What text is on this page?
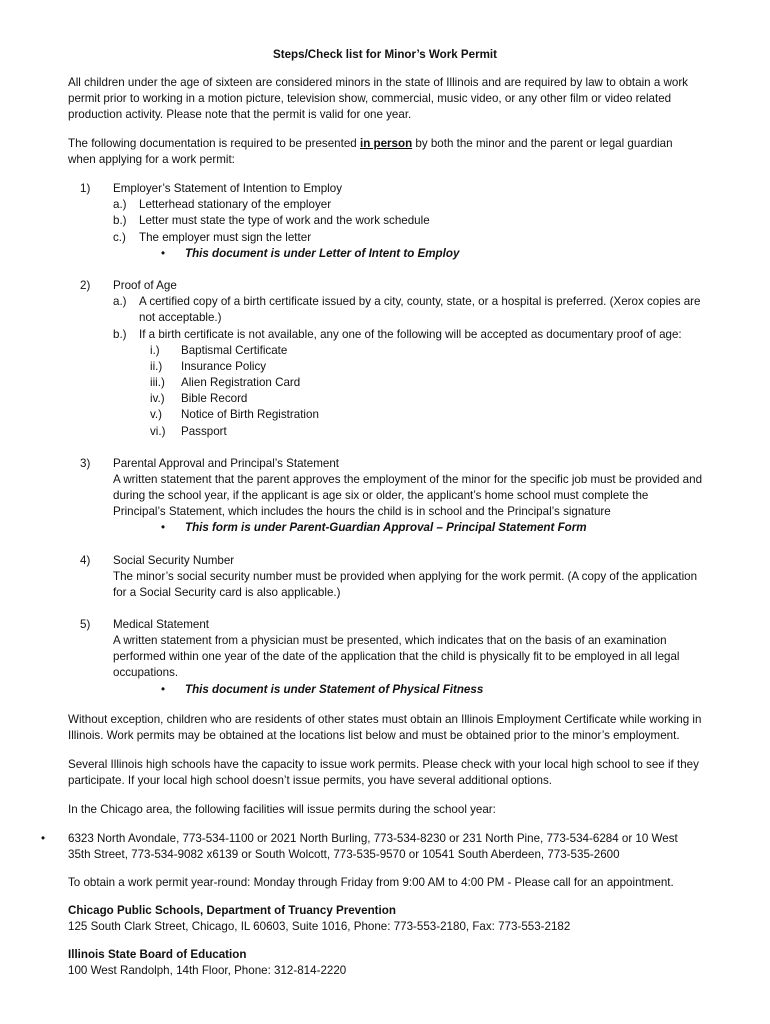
Steps/Check list for Minor’s Work Permit
All children under the age of sixteen are considered minors in the state of Illinois and are required by law to obtain a work permit prior to working in a motion picture, television show, commercial, music video, or any other film or video related production activity. Please note that the permit is valid for one year.
The following documentation is required to be presented in person by both the minor and the parent or legal guardian when applying for a work permit:
1) Employer’s Statement of Intention to Employ
a.) Letterhead stationary of the employer
b.) Letter must state the type of work and the work schedule
c.) The employer must sign the letter
• This document is under Letter of Intent to Employ
2) Proof of Age
a.) A certified copy of a birth certificate issued by a city, county, state, or a hospital is preferred. (Xerox copies are not acceptable.)
b.) If a birth certificate is not available, any one of the following will be accepted as documentary proof of age:
i.) Baptismal Certificate
ii.) Insurance Policy
iii.) Alien Registration Card
iv.) Bible Record
v.) Notice of Birth Registration
vi.) Passport
3) Parental Approval and Principal’s Statement
A written statement that the parent approves the employment of the minor for the specific job must be provided and during the school year, if the applicant is age six or older, the applicant’s home school must complete the Principal’s Statement, which includes the hours the child is in school and the Principal’s signature
• This form is under Parent-Guardian Approval – Principal Statement Form
4) Social Security Number
The minor’s social security number must be provided when applying for the work permit. (A copy of the application for a Social Security card is also applicable.)
5) Medical Statement
A written statement from a physician must be presented, which indicates that on the basis of an examination performed within one year of the date of the application that the child is physically fit to be employed in all legal occupations.
• This document is under Statement of Physical Fitness
Without exception, children who are residents of other states must obtain an Illinois Employment Certificate while working in Illinois. Work permits may be obtained at the locations list below and must be obtained prior to the minor’s employment.
Several Illinois high schools have the capacity to issue work permits. Please check with your local high school to see if they participate. If your local high school doesn’t issue permits, you have several additional options.
In the Chicago area, the following facilities will issue permits during the school year:
• 6323 North Avondale, 773-534-1100 or 2021 North Burling, 773-534-8230 or 231 North Pine, 773-534-6284 or 10 West 35th Street, 773-534-9082 x6139 or South Wolcott, 773-535-9570 or 10541 South Aberdeen, 773-535-2600
To obtain a work permit year-round: Monday through Friday from 9:00 AM to 4:00 PM - Please call for an appointment.
Chicago Public Schools, Department of Truancy Prevention
125 South Clark Street, Chicago, IL 60603, Suite 1016, Phone: 773-553-2180, Fax: 773-553-2182
Illinois State Board of Education
100 West Randolph, 14th Floor, Phone: 312-814-2220
